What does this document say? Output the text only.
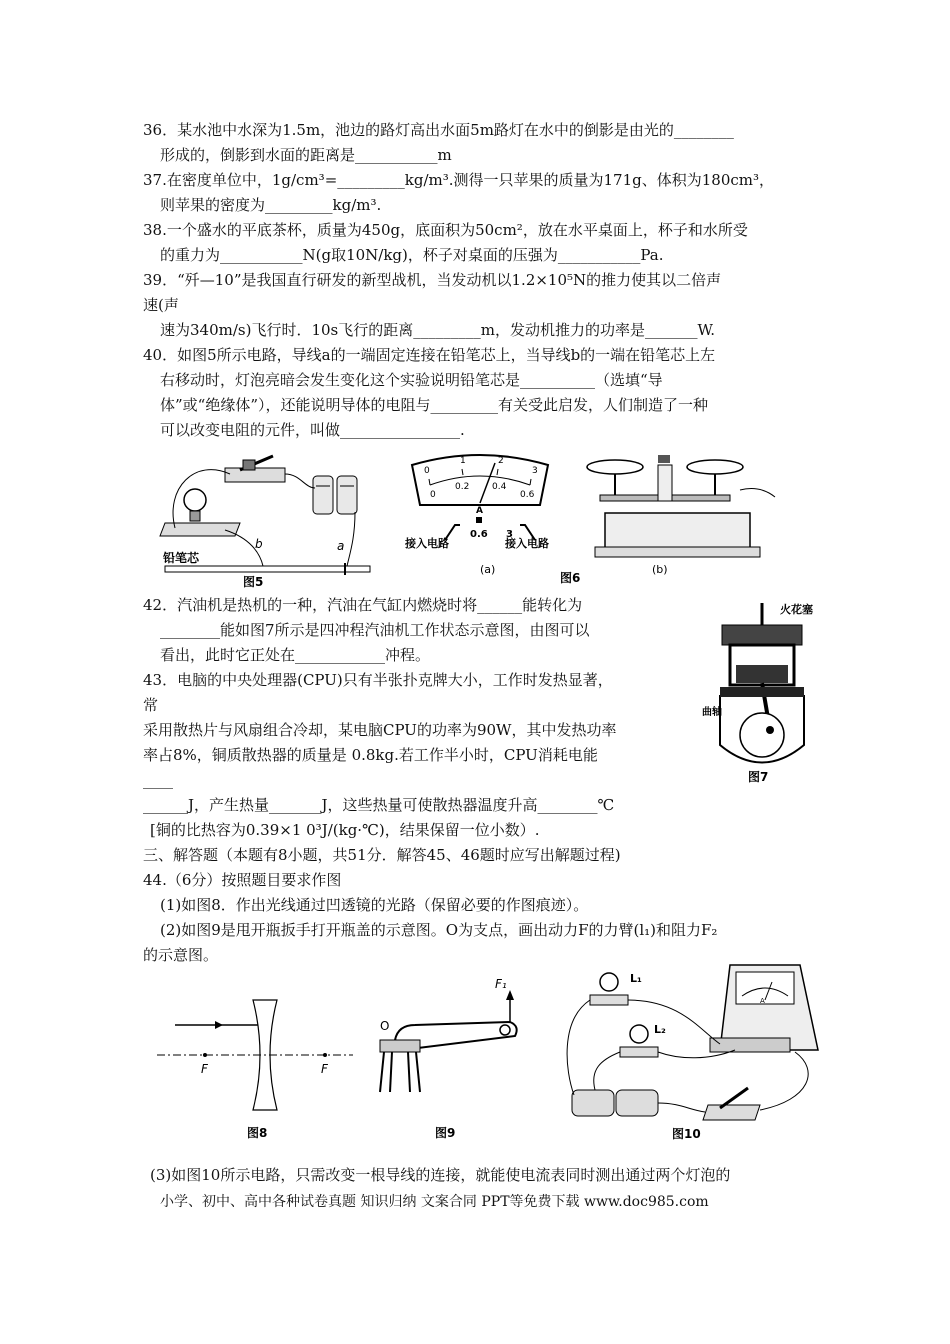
36．某水池中水深为1.5m，池边的路灯高出水面5m路灯在水中的倒影是由光的________
形成的，倒影到水面的距离是___________m
37.在密度单位中，1g/cm³=_________kg/m³.测得一只苹果的质量为171g、体积为180cm³，
则苹果的密度为_________kg/m³.
38.一个盛水的平底茶杯，质量为450g，底面积为50cm²，放在水平桌面上，杯子和水所受
的重力为___________N(g取10N/kg)，杯子对桌面的压强为___________Pa.
39．“歼—10”是我国直行研发的新型战机，当发动机以1.2×10⁵N的推力使其以二倍声
速(声
速为340m/s)飞行时．10s飞行的距离_________m，发动机推力的功率是_______W.
40．如图5所示电路，导线a的一端固定连接在铅笔芯上，当导线b的一端在铅笔芯上左
右移动时，灯泡亮暗会发生变化这个实验说明铅笔芯是__________（选填“导
体”或“绝缘体”），还能说明导体的电阻与_________有关受此启发，人们制造了一种
可以改变电阻的元件，叫做________________.
b	a
铅笔芯
图5
0
1	2
3
0
0.2	0.4
0.6
A
0.6 3
接入电路	接入电路
(a)
图6
(b)
42．汽油机是热机的一种，汽油在气缸内燃烧时将______能转化为
________能如图7所示是四冲程汽油机工作状态示意图，由图可以
看出，此时它正处在____________冲程。
火花塞
曲轴
图7
43．电脑的中央处理器(CPU)只有半张扑克牌大小，工作时发热显著，
常
采用散热片与风扇组合冷却，某电脑CPU的功率为90W，其中发热功率
率占8%，铜质散热器的质量是 0.8kg.若工作半小时，CPU消耗电能
____
______J，产生热量_______J，这些热量可使散热器温度升高________℃
[铜的比热容为0.39×1 0³J/(kg·℃)，结果保留一位小数）.
三、解答题（本题有8小题，共51分．解答45、46题时应写出解题过程)
44.（6分）按照题目要求作图
(1)如图8．作出光线通过凹透镜的光路（保留必要的作图痕迹）。
(2)如图9是甩开瓶扳手打开瓶盖的示意图。O为支点，画出动力F的力臂(l₁)和阻力F₂
的示意图。
F	F
图8
F₁
O
图9
L₁
L₂
A
图10
(3)如图10所示电路，只需改变一根导线的连接，就能使电流表同时测出通过两个灯泡的
小学、初中、高中各种试卷真题 知识归纳 文案合同 PPT等免费下载 www.doc985.com
